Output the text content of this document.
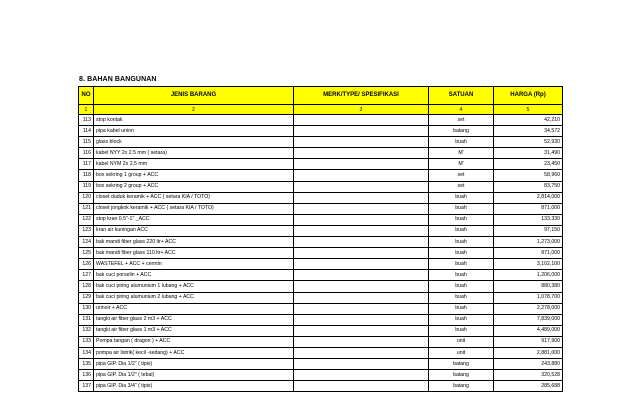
8. BAHAN BANGUNAN
NO	JENIS BARANG	MERK/TYPE/ SPESIFIKASI	SATUAN	HARGA (Rp)
1	2	3	4	5
113	stop kontak		set	42,210
114	pipa kabel union		batang	34,572
115	glass block		buah	52,930
116	kabel NYY 2x 2.5 mm ( setara)		M'	31,490
117	kabel NYM 2x 2.5 mm		M'	23,450
118	box sekring 1 group + ACC		set	58,960
119	box sekring 2 group + ACC		set	83,750
120	closet duduk keramik + ACC ( setara KIA / TOTO)		buah	2,814,000
121	closet jongkok keramik + ACC ( setara KIA / TOTO)		buah	871,000
122	stop kran 0.5"-1" _ACC		buah	133,330
123	kran air kuningan ACC		buah	97,150
124	bak mandi fiber glass 220 ltr+ ACC		buah	1,273,000
125	bak mandi fiber glass 110 ltr+ ACC		buah	871,000
126	WASTEFEL + ACC + cermin		buah	3,102,100
127	bak cuci porselin + ACC		buah	1,206,000
128	bak cuci piring alumunium 1 lubang + ACC		buah	880,380
129	bak cuci piring alumunium 2 lubang + ACC		buah	1,078,700
130	urinoir + ACC		buah	2,278,000
131	tangki air fiber glass 2 m3 + ACC		buah	7,839,000
132	tangki air fiber glass 1 m3 + ACC		buah	4,489,000
133	Pompa tangan ( dragon ) + ACC		unit	917,900
134	pompa air listrik( kecil -sedang) + ACC		unit	2,881,000
135	pipa GIP. Dia 1/2" ( tipis)		batang	243,880
136	pipa GIP. Dia 1/2" ( tebal)		batang	320,528
137	pipa GIP. Dia 3/4" ( tipis)		batang	285,688
